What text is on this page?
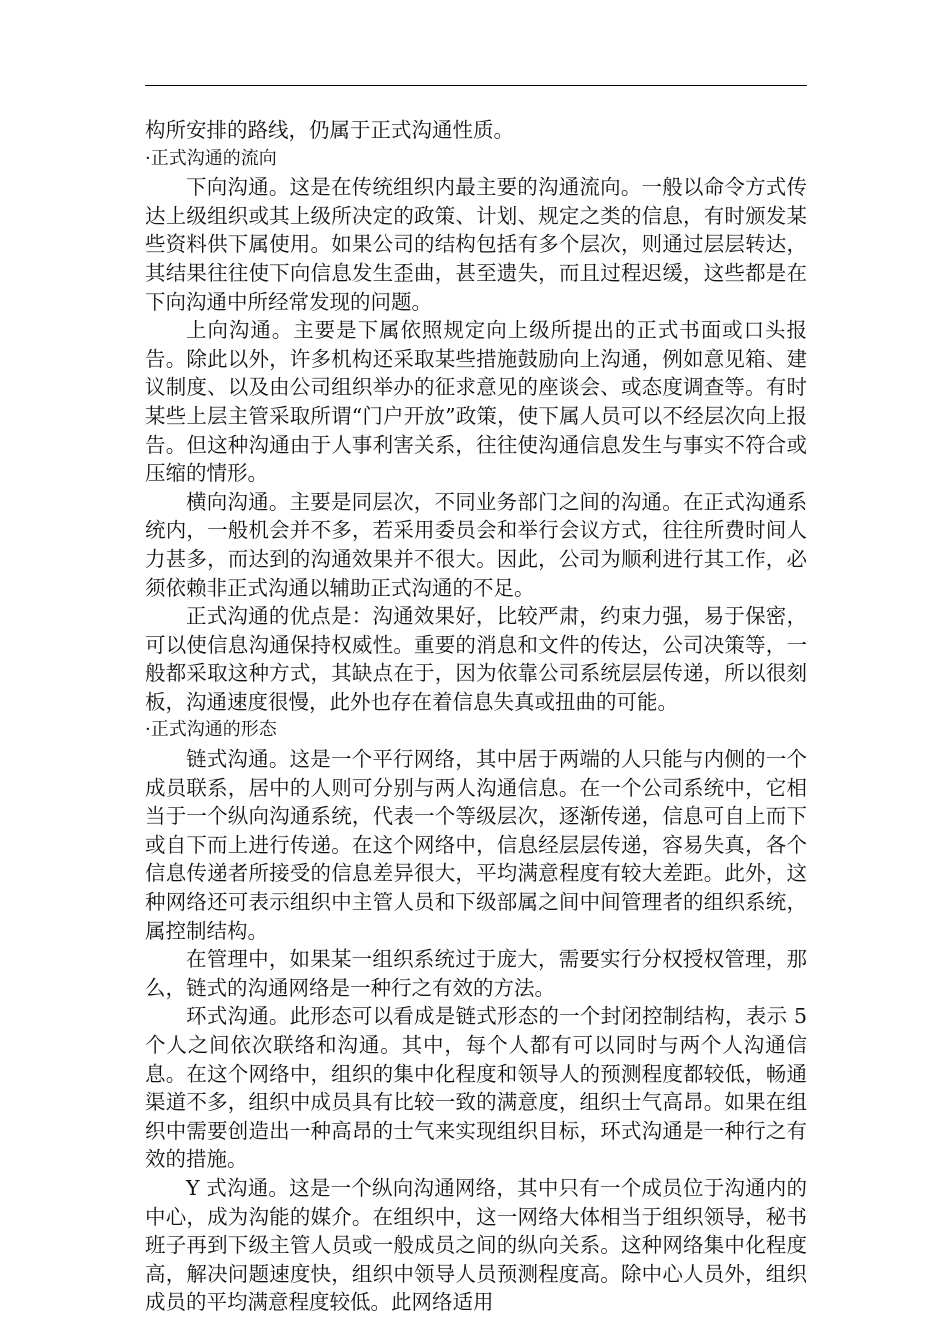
构所安排的路线，仍属于正式沟通性质。

·正式沟通的流向

下向沟通。这是在传统组织内最主要的沟通流向。一般以命令方式传达上级组织或其上级所决定的政策、计划、规定之类的信息，有时颁发某些资料供下属使用。如果公司的结构包括有多个层次，则通过层层转达，其结果往往使下向信息发生歪曲，甚至遗失，而且过程迟缓，这些都是在下向沟通中所经常发现的问题。

上向沟通。主要是下属依照规定向上级所提出的正式书面或口头报告。除此以外，许多机构还采取某些措施鼓励向上沟通，例如意见箱、建议制度、以及由公司组织举办的征求意见的座谈会、或态度调查等。有时某些上层主管采取所谓“门户开放”政策，使下属人员可以不经层次向上报告。但这种沟通由于人事利害关系，往往使沟通信息发生与事实不符合或压缩的情形。

横向沟通。主要是同层次，不同业务部门之间的沟通。在正式沟通系统内，一般机会并不多，若采用委员会和举行会议方式，往往所费时间人力甚多，而达到的沟通效果并不很大。因此，公司为顺利进行其工作，必须依赖非正式沟通以辅助正式沟通的不足。

正式沟通的优点是：沟通效果好，比较严肃，约束力强，易于保密，可以使信息沟通保持权威性。重要的消息和文件的传达，公司决策等，一般都采取这种方式，其缺点在于，因为依靠公司系统层层传递，所以很刻板，沟通速度很慢，此外也存在着信息失真或扭曲的可能。

·正式沟通的形态

链式沟通。这是一个平行网络，其中居于两端的人只能与内侧的一个成员联系，居中的人则可分别与两人沟通信息。在一个公司系统中，它相当于一个纵向沟通系统，代表一个等级层次，逐渐传递，信息可自上而下或自下而上进行传递。在这个网络中，信息经层层传递，容易失真，各个信息传递者所接受的信息差异很大，平均满意程度有较大差距。此外，这种网络还可表示组织中主管人员和下级部属之间中间管理者的组织系统，属控制结构。

在管理中，如果某一组织系统过于庞大，需要实行分权授权管理，那么，链式的沟通网络是一种行之有效的方法。

环式沟通。此形态可以看成是链式形态的一个封闭控制结构，表示 5 个人之间依次联络和沟通。其中，每个人都有可以同时与两个人沟通信息。在这个网络中，组织的集中化程度和领导人的预测程度都较低，畅通渠道不多，组织中成员具有比较一致的满意度，组织士气高昂。如果在组织中需要创造出一种高昂的士气来实现组织目标，环式沟通是一种行之有效的措施。

Y 式沟通。这是一个纵向沟通网络，其中只有一个成员位于沟通内的中心，成为沟能的媒介。在组织中，这一网络大体相当于组织领导，秘书班子再到下级主管人员或一般成员之间的纵向关系。这种网络集中化程度高，解决问题速度快，组织中领导人员预测程度高。除中心人员外，组织成员的平均满意程度较低。此网络适用
